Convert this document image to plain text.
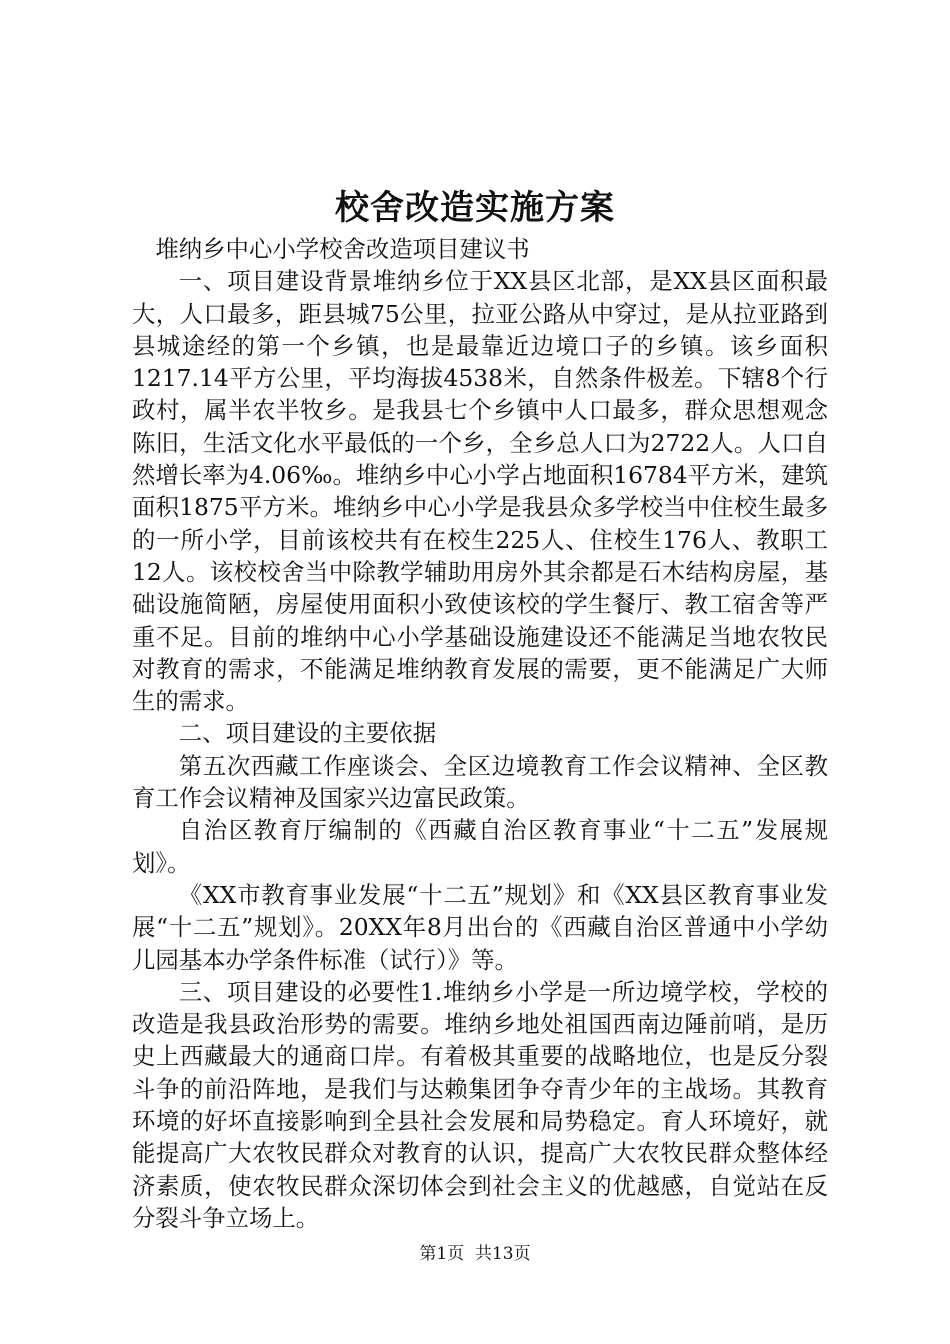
校舍改造实施方案

堆纳乡中心小学校舍改造项目建议书

一、项目建设背景堆纳乡位于XX县区北部，是XX县区面积最大，人口最多，距县城75公里，拉亚公路从中穿过，是从拉亚路到县城途经的第一个乡镇，也是最靠近边境口子的乡镇。该乡面积1217.14平方公里，平均海拔4538米，自然条件极差。下辖8个行政村，属半农半牧乡。是我县七个乡镇中人口最多，群众思想观念陈旧，生活文化水平最低的一个乡，全乡总人口为2722人。人口自然增长率为4.06‰。堆纳乡中心小学占地面积16784平方米，建筑面积1875平方米。堆纳乡中心小学是我县众多学校当中住校生最多的一所小学，目前该校共有在校生225人、住校生176人、教职工12人。该校校舍当中除教学辅助用房外其余都是石木结构房屋，基础设施简陋，房屋使用面积小致使该校的学生餐厅、教工宿舍等严重不足。目前的堆纳中心小学基础设施建设还不能满足当地农牧民对教育的需求，不能满足堆纳教育发展的需要，更不能满足广大师生的需求。

二、项目建设的主要依据

第五次西藏工作座谈会、全区边境教育工作会议精神、全区教育工作会议精神及国家兴边富民政策。

自治区教育厅编制的《西藏自治区教育事业“十二五”发展规划》。

《XX市教育事业发展“十二五”规划》和《XX县区教育事业发展“十二五”规划》。20XX年8月出台的《西藏自治区普通中小学幼儿园基本办学条件标准（试行）》等。

三、项目建设的必要性1.堆纳乡小学是一所边境学校，学校的改造是我县政治形势的需要。堆纳乡地处祖国西南边陲前哨，是历史上西藏最大的通商口岸。有着极其重要的战略地位，也是反分裂斗争的前沿阵地，是我们与达赖集团争夺青少年的主战场。其教育环境的好坏直接影响到全县社会发展和局势稳定。育人环境好，就能提高广大农牧民群众对教育的认识，提高广大农牧民群众整体经济素质，使农牧民群众深切体会到社会主义的优越感，自觉站在反分裂斗争立场上。

第1页  共13页
